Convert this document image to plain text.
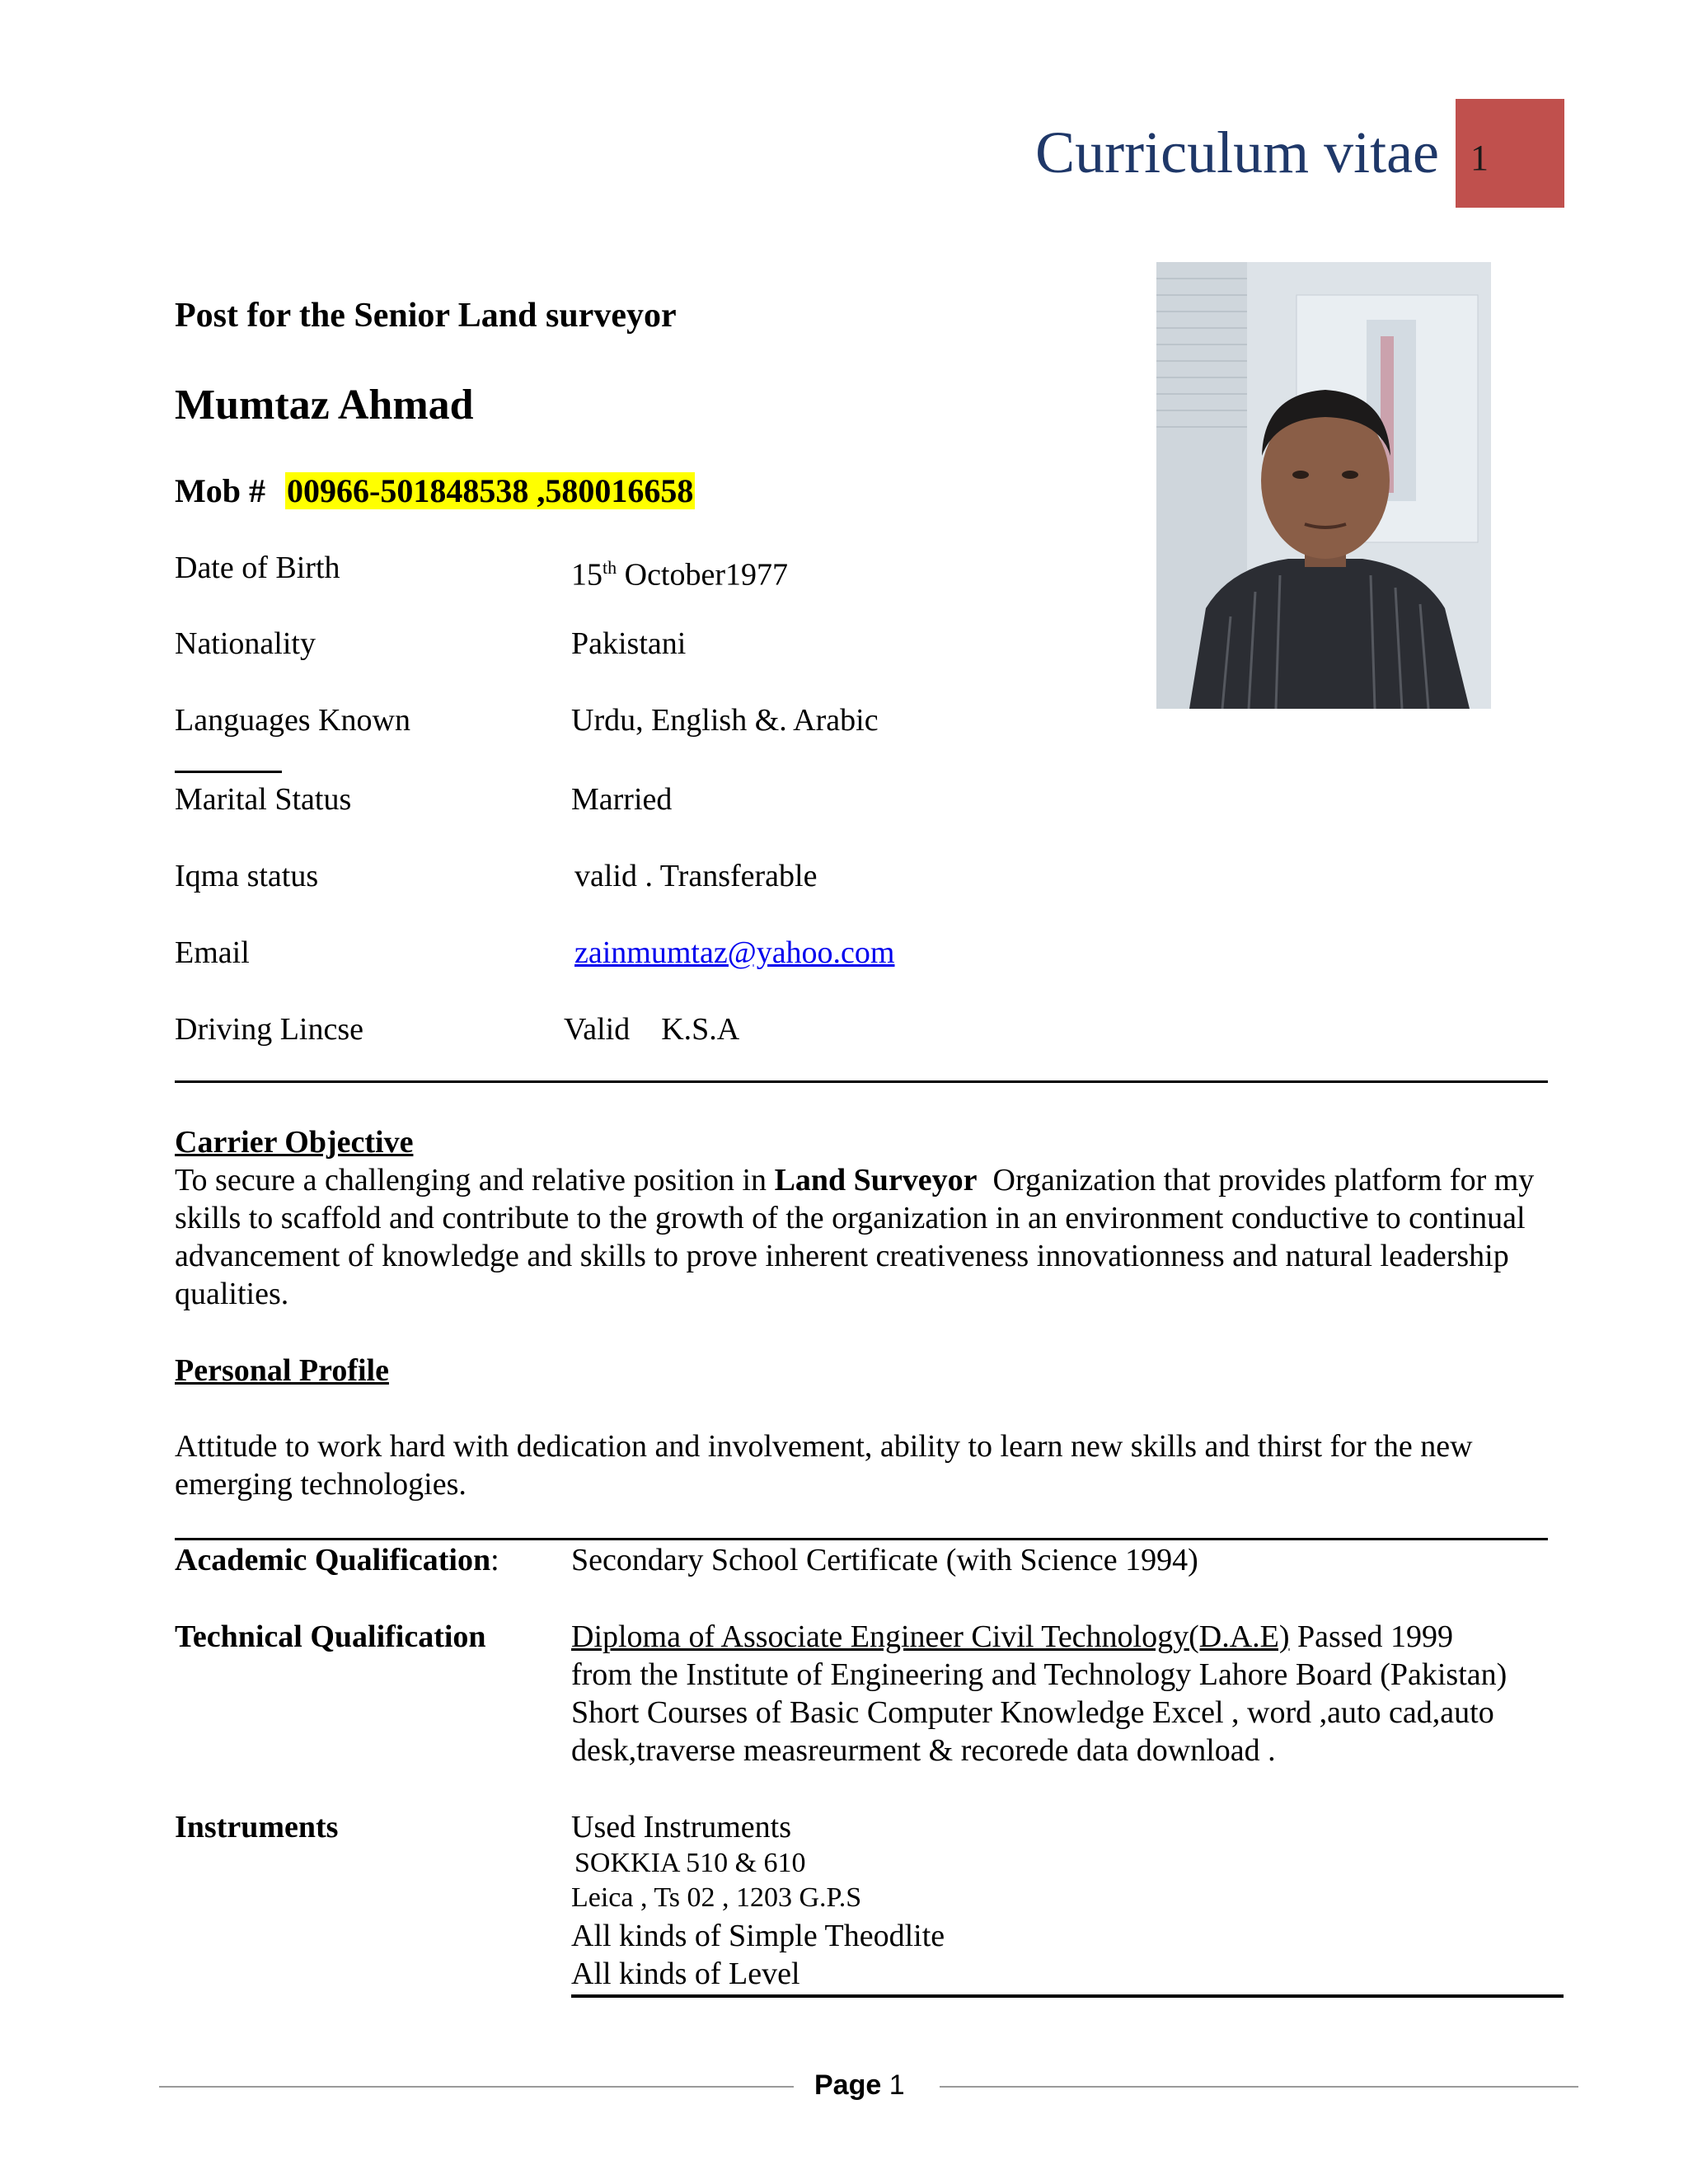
Curriculum vitae 1
Post for the Senior Land surveyor
Mumtaz Ahmad
Mob # 00966-501848538 ,580016658
Date of Birth	15th October1977
Nationality	Pakistani
Languages Known	Urdu, English &. Arabic
Marital Status	Married
Iqma status	valid . Transferable
Email	zainmumtaz@yahoo.com
Driving Lincse	Valid    K.S.A
Carrier Objective
To secure a challenging and relative position in Land Surveyor  Organization that provides platform for my skills to scaffold and contribute to the growth of the organization in an environment conductive to continual advancement of knowledge and skills to prove inherent creativeness innovationness and natural leadership qualities.
Personal Profile
Attitude to work hard with dedication and involvement, ability to learn new skills and thirst for the new emerging technologies.
Academic Qualification: Secondary School Certificate (with Science 1994)
Technical Qualification	Diploma of Associate Engineer Civil Technology(D.A.E) Passed 1999
from the Institute of Engineering and Technology Lahore Board (Pakistan)
Short Courses of Basic Computer Knowledge Excel , word ,auto cad,auto
desk,traverse measreurment & recorede data download .
Instruments	Used Instruments
SOKKIA 510 & 610
Leica , Ts 02 , 1203 G.P.S
All kinds of Simple Theodlite
All kinds of Level
Page 1
